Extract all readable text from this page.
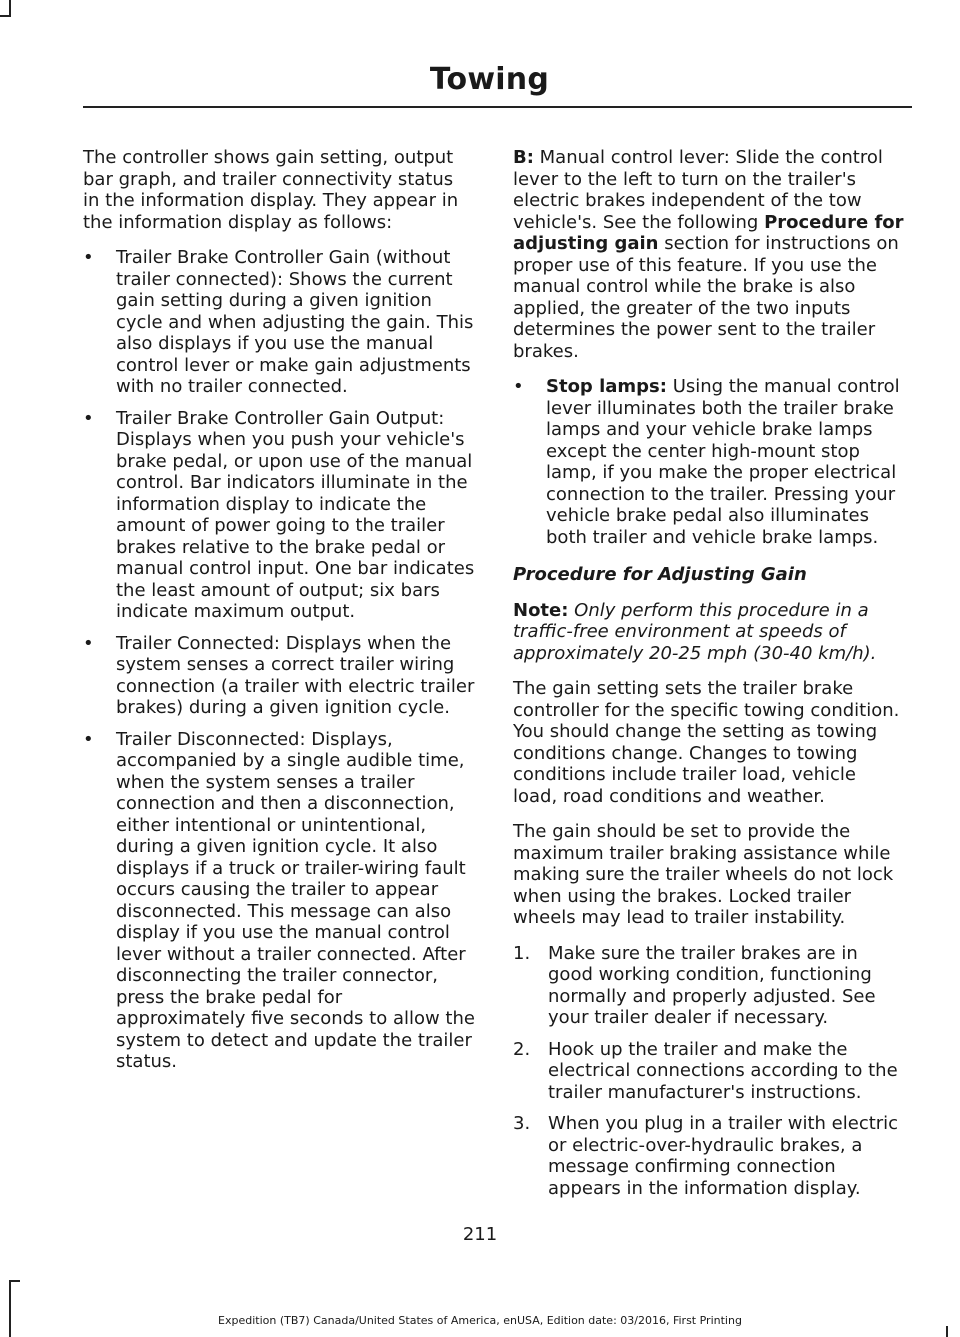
Towing

The controller shows gain setting, output bar graph, and trailer connectivity status in the information display. They appear in the information display as follows:

• Trailer Brake Controller Gain (without trailer connected): Shows the current gain setting during a given ignition cycle and when adjusting the gain. This also displays if you use the manual control lever or make gain adjustments with no trailer connected.
• Trailer Brake Controller Gain Output: Displays when you push your vehicle's brake pedal, or upon use of the manual control. Bar indicators illuminate in the information display to indicate the amount of power going to the trailer brakes relative to the brake pedal or manual control input. One bar indicates the least amount of output; six bars indicate maximum output.
• Trailer Connected: Displays when the system senses a correct trailer wiring connection (a trailer with electric trailer brakes) during a given ignition cycle.
• Trailer Disconnected: Displays, accompanied by a single audible time, when the system senses a trailer connection and then a disconnection, either intentional or unintentional, during a given ignition cycle. It also displays if a truck or trailer-wiring fault occurs causing the trailer to appear disconnected. This message can also display if you use the manual control lever without a trailer connected. After disconnecting the trailer connector, press the brake pedal for approximately five seconds to allow the system to detect and update the trailer status.

B: Manual control lever: Slide the control lever to the left to turn on the trailer's electric brakes independent of the tow vehicle's. See the following Procedure for adjusting gain section for instructions on proper use of this feature. If you use the manual control while the brake is also applied, the greater of the two inputs determines the power sent to the trailer brakes.

• Stop lamps: Using the manual control lever illuminates both the trailer brake lamps and your vehicle brake lamps except the center high-mount stop lamp, if you make the proper electrical connection to the trailer. Pressing your vehicle brake pedal also illuminates both trailer and vehicle brake lamps.
Procedure for Adjusting Gain

Note: Only perform this procedure in a traffic-free environment at speeds of approximately 20-25 mph (30-40 km/h).

The gain setting sets the trailer brake controller for the specific towing condition. You should change the setting as towing conditions change. Changes to towing conditions include trailer load, vehicle load, road conditions and weather.

The gain should be set to provide the maximum trailer braking assistance while making sure the trailer wheels do not lock when using the brakes. Locked trailer wheels may lead to trailer instability.

1. Make sure the trailer brakes are in good working condition, functioning normally and properly adjusted. See your trailer dealer if necessary.
2. Hook up the trailer and make the electrical connections according to the trailer manufacturer's instructions.
3. When you plug in a trailer with electric or electric-over-hydraulic brakes, a message confirming connection appears in the information display.
211
Expedition (TB7) Canada/United States of America, enUSA, Edition date: 03/2016, First Printing
